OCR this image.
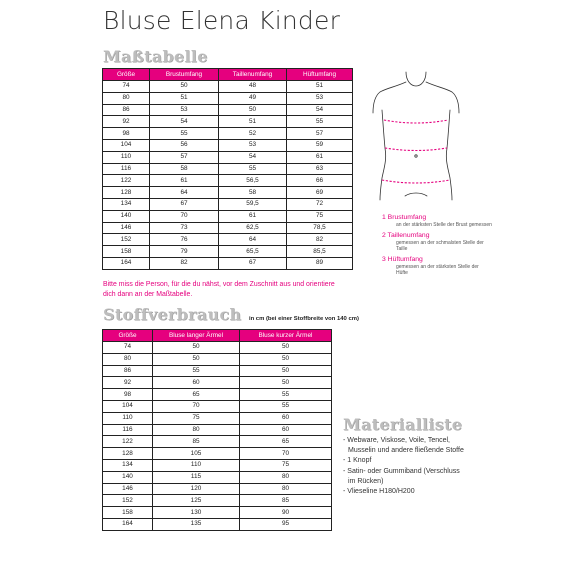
Bluse Elena Kinder
Maßtabelle
Größe	Brustumfang	Taillenumfang	Hüftumfang
74	50	48	51
80	51	49	53
86	53	50	54
92	54	51	55
98	55	52	57
104	56	53	59
110	57	54	61
116	58	55	63
122	61	56,5	66
128	64	58	69
134	67	59,5	72
140	70	61	75
146	73	62,5	78,5
152	76	64	82
158	79	65,5	85,5
164	82	67	89
Bitte miss die Person, für die du nähst, vor dem Zuschnitt aus und orientiere dich dann an der Maßtabelle.
1 Brustumfang
an der stärksten Stelle der Brust gemessen
2 Taillenumfang
gemessen an der schmalsten Stelle der Taille
3 Hüftumfang
gemessen an der stärksten Stelle der Hüfte
Stoffverbrauch in cm (bei einer Stoffbreite von 140 cm)
Größe	Bluse langer Ärmel	Bluse kurzer Ärmel
74	50	50
80	50	50
86	55	50
92	60	50
98	65	55
104	70	55
110	75	60
116	80	60
122	85	65
128	105	70
134	110	75
140	115	80
146	120	80
152	125	85
158	130	90
164	135	95
Materialliste
- Webware, Viskose, Voile, Tencel,
Musselin und andere fließende Stoffe
- 1 Knopf
- Satin- oder Gummiband (Verschluss
im Rücken)
- Vlieseline H180/H200
